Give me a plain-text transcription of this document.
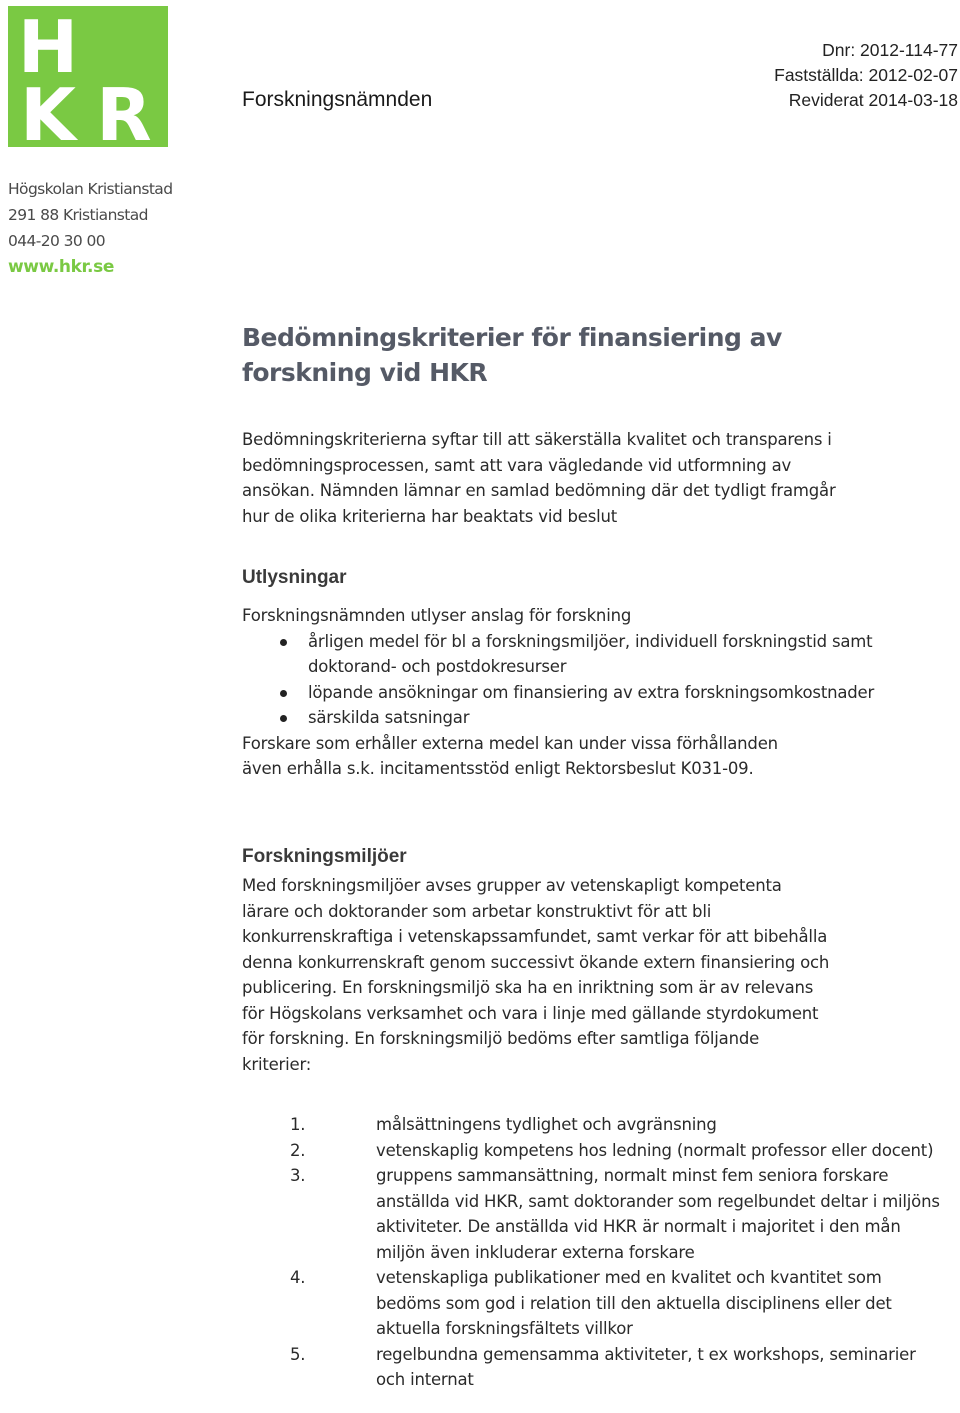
H
K R
Högskolan Kristianstad
291 88 Kristianstad
044-20 30 00
www.hkr.se
Forskningsnämnden
Dnr: 2012-114-77
Fastställda: 2012-02-07
Reviderat 2014-03-18
Bedömningskriterier för finansiering av
forskning vid HKR

Bedömningskriterierna syftar till att säkerställa kvalitet och transparens i bedömningsprocessen, samt att vara vägledande vid utformning av ansökan. Nämnden lämnar en samlad bedömning där det tydligt framgår hur de olika kriterierna har beaktats vid beslut

Utlysningar
Forskningsnämnden utlyser anslag för forskning
årligen medel för bl a forskningsmiljöer, individuell forskningstid samt doktorand- och postdokresurser
löpande ansökningar om finansiering av extra forskningsomkostnader
särskilda satsningar
Forskare som erhåller externa medel kan under vissa förhållanden även erhålla s.k. incitamentsstöd enligt Rektorsbeslut K031-09.
Forskningsmiljöer

Med forskningsmiljöer avses grupper av vetenskapligt kompetenta lärare och doktorander som arbetar konstruktivt för att bli konkurrenskraftiga i vetenskapssamfundet, samt verkar för att bibehålla denna konkurrenskraft genom successivt ökande extern finansiering och publicering. En forskningsmiljö ska ha en inriktning som är av relevans för Högskolans verksamhet och vara i linje med gällande styrdokument för forskning. En forskningsmiljö bedöms efter samtliga följande kriterier:

1.	målsättningens tydlighet och avgränsning
2.	vetenskaplig kompetens hos ledning (normalt professor eller docent)
3.	gruppens sammansättning, normalt minst fem seniora forskare anställda vid HKR, samt doktorander som regelbundet deltar i miljöns aktiviteter. De anställda vid HKR är normalt i majoritet i den mån miljön även inkluderar externa forskare
4.	vetenskapliga publikationer med en kvalitet och kvantitet som bedöms som god i relation till den aktuella disciplinens eller det aktuella forskningsfältets villkor
5.	regelbundna gemensamma aktiviteter, t ex workshops, seminarier och internat
